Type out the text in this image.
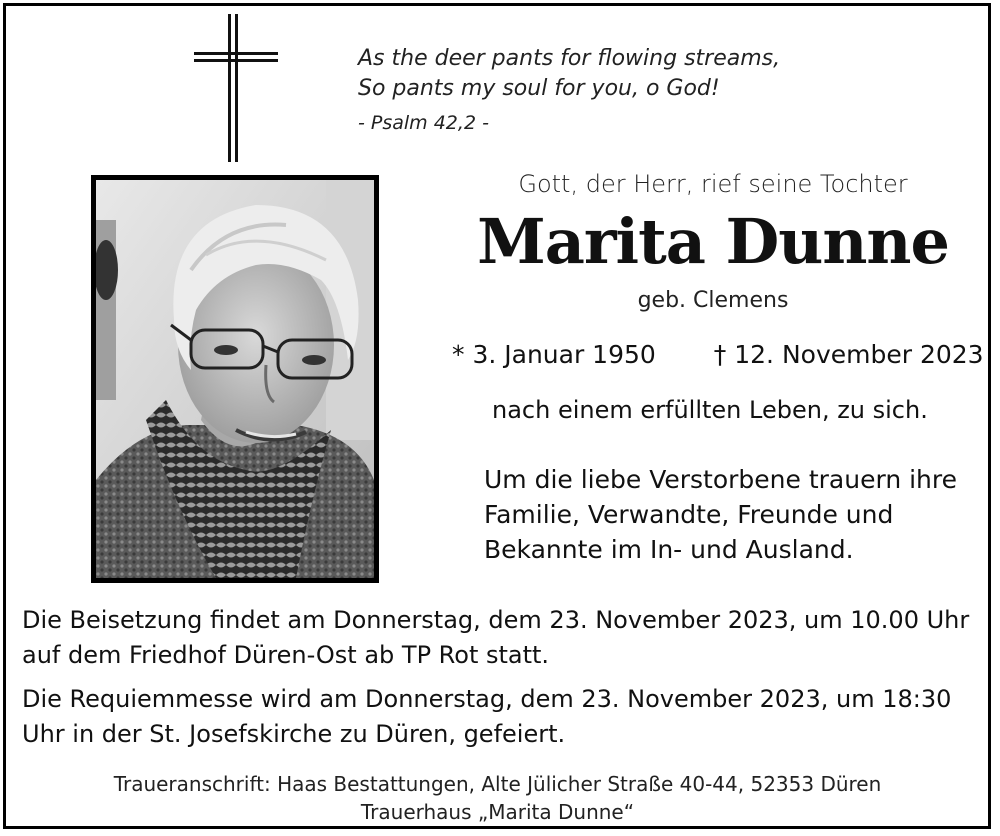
As the deer pants for flowing streams,
So pants my soul for you, o God!
- Psalm 42,2 -
Gott, der Herr, rief seine Tochter
Marita Dunne
geb. Clemens
* 3. Januar 1950 † 12. November 2023
nach einem erfüllten Leben, zu sich.
Um die liebe Verstorbene trauern ihre
Familie, Verwandte, Freunde und
Bekannte im In- und Ausland.
Die Beisetzung findet am Donnerstag, dem 23. November 2023, um 10.00 Uhr
auf dem Friedhof Düren-Ost ab TP Rot statt.
Die Requiemmesse wird am Donnerstag, dem 23. November 2023, um 18:30
Uhr in der St. Josefskirche zu Düren, gefeiert.
Traueranschrift: Haas Bestattungen, Alte Jülicher Straße 40-44, 52353 Düren
Trauerhaus „Marita Dunne“
